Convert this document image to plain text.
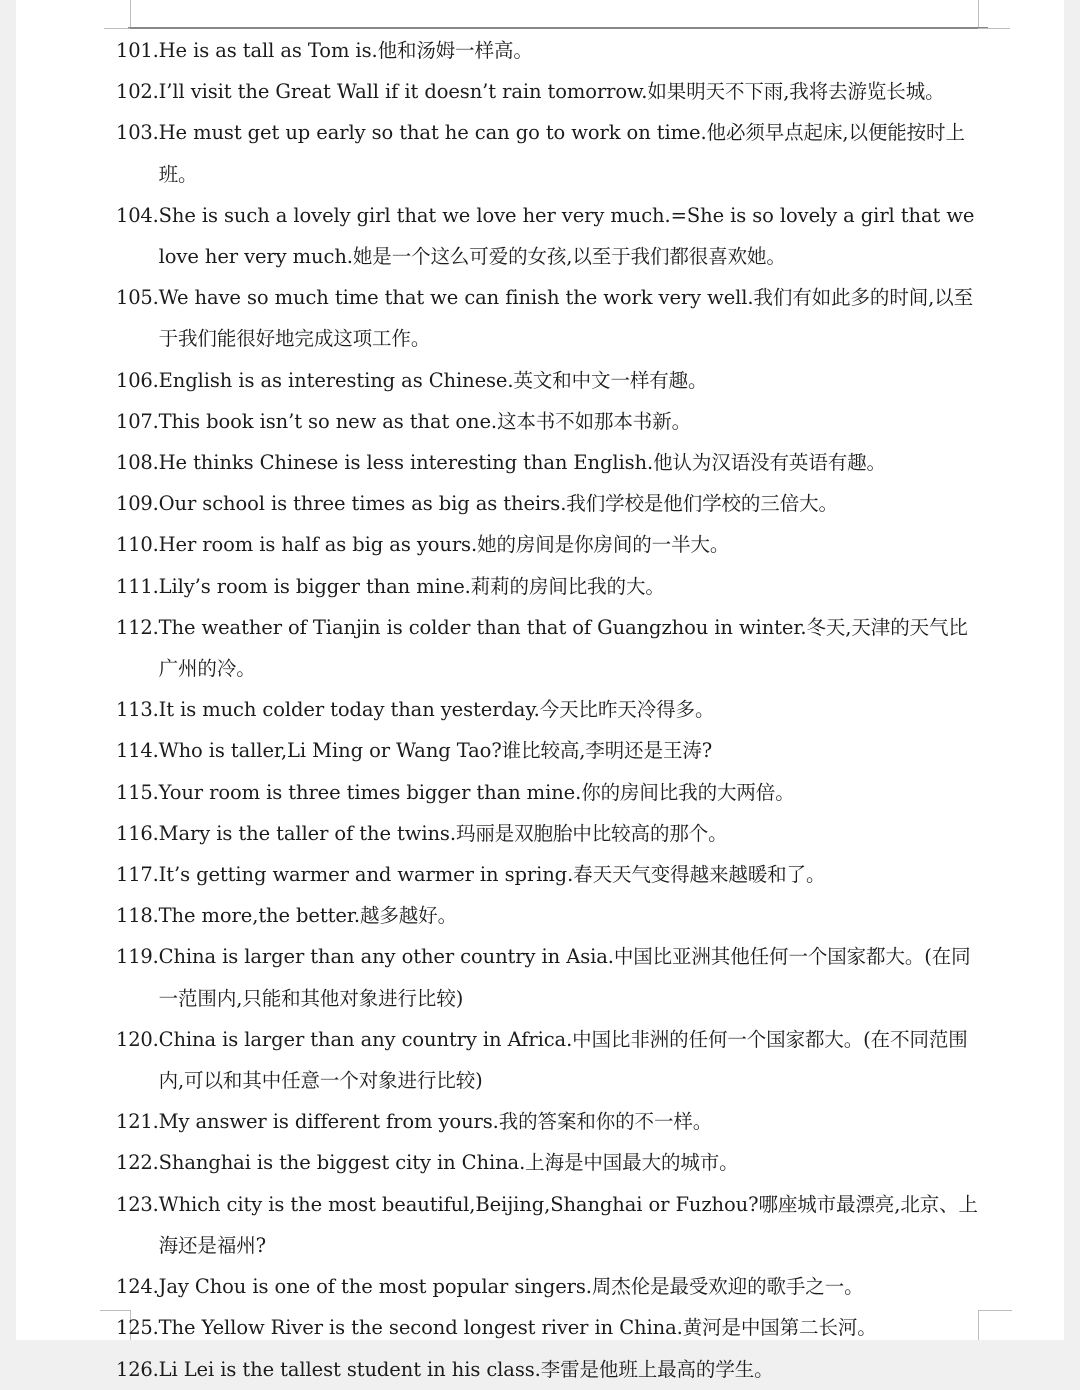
101. He is as tall as Tom is.他和汤姆一样高。
102. I’ll visit the Great Wall if it doesn’t rain tomorrow.如果明天不下雨,我将去游览长城。
103. He must get up early so that he can go to work on time.他必须早点起床,以便能按时上班。
104. She is such a lovely girl that we love her very much.=She is so lovely a girl that we love her very much.她是一个这么可爱的女孩,以至于我们都很喜欢她。
105. We have so much time that we can finish the work very well.我们有如此多的时间,以至于我们能很好地完成这项工作。
106. English is as interesting as Chinese.英文和中文一样有趣。
107. This book isn’t so new as that one.这本书不如那本书新。
108. He thinks Chinese is less interesting than English.他认为汉语没有英语有趣。
109. Our school is three times as big as theirs.我们学校是他们学校的三倍大。
110. Her room is half as big as yours.她的房间是你房间的一半大。
111. Lily’s room is bigger than mine.莉莉的房间比我的大。
112. The weather of Tianjin is colder than that of Guangzhou in winter.冬天,天津的天气比广州的冷。
113. It is much colder today than yesterday.今天比昨天冷得多。
114. Who is taller,Li Ming or Wang Tao?谁比较高,李明还是王涛?
115. Your room is three times bigger than mine.你的房间比我的大两倍。
116. Mary is the taller of the twins.玛丽是双胞胎中比较高的那个。
117. It’s getting warmer and warmer in spring.春天天气变得越来越暖和了。
118. The more,the better.越多越好。
119. China is larger than any other country in Asia.中国比亚洲其他任何一个国家都大。(在同一范围内,只能和其他对象进行比较)
120. China is larger than any country in Africa.中国比非洲的任何一个国家都大。(在不同范围内,可以和其中任意一个对象进行比较)
121. My answer is different from yours.我的答案和你的不一样。
122. Shanghai is the biggest city in China.上海是中国最大的城市。
123. Which city is the most beautiful,Beijing,Shanghai or Fuzhou?哪座城市最漂亮,北京、上海还是福州?
124. Jay Chou is one of the most popular singers.周杰伦是最受欢迎的歌手之一。
125. The Yellow River is the second longest river in China.黄河是中国第二长河。
126. Li Lei is the tallest student in his class.李雷是他班上最高的学生。
